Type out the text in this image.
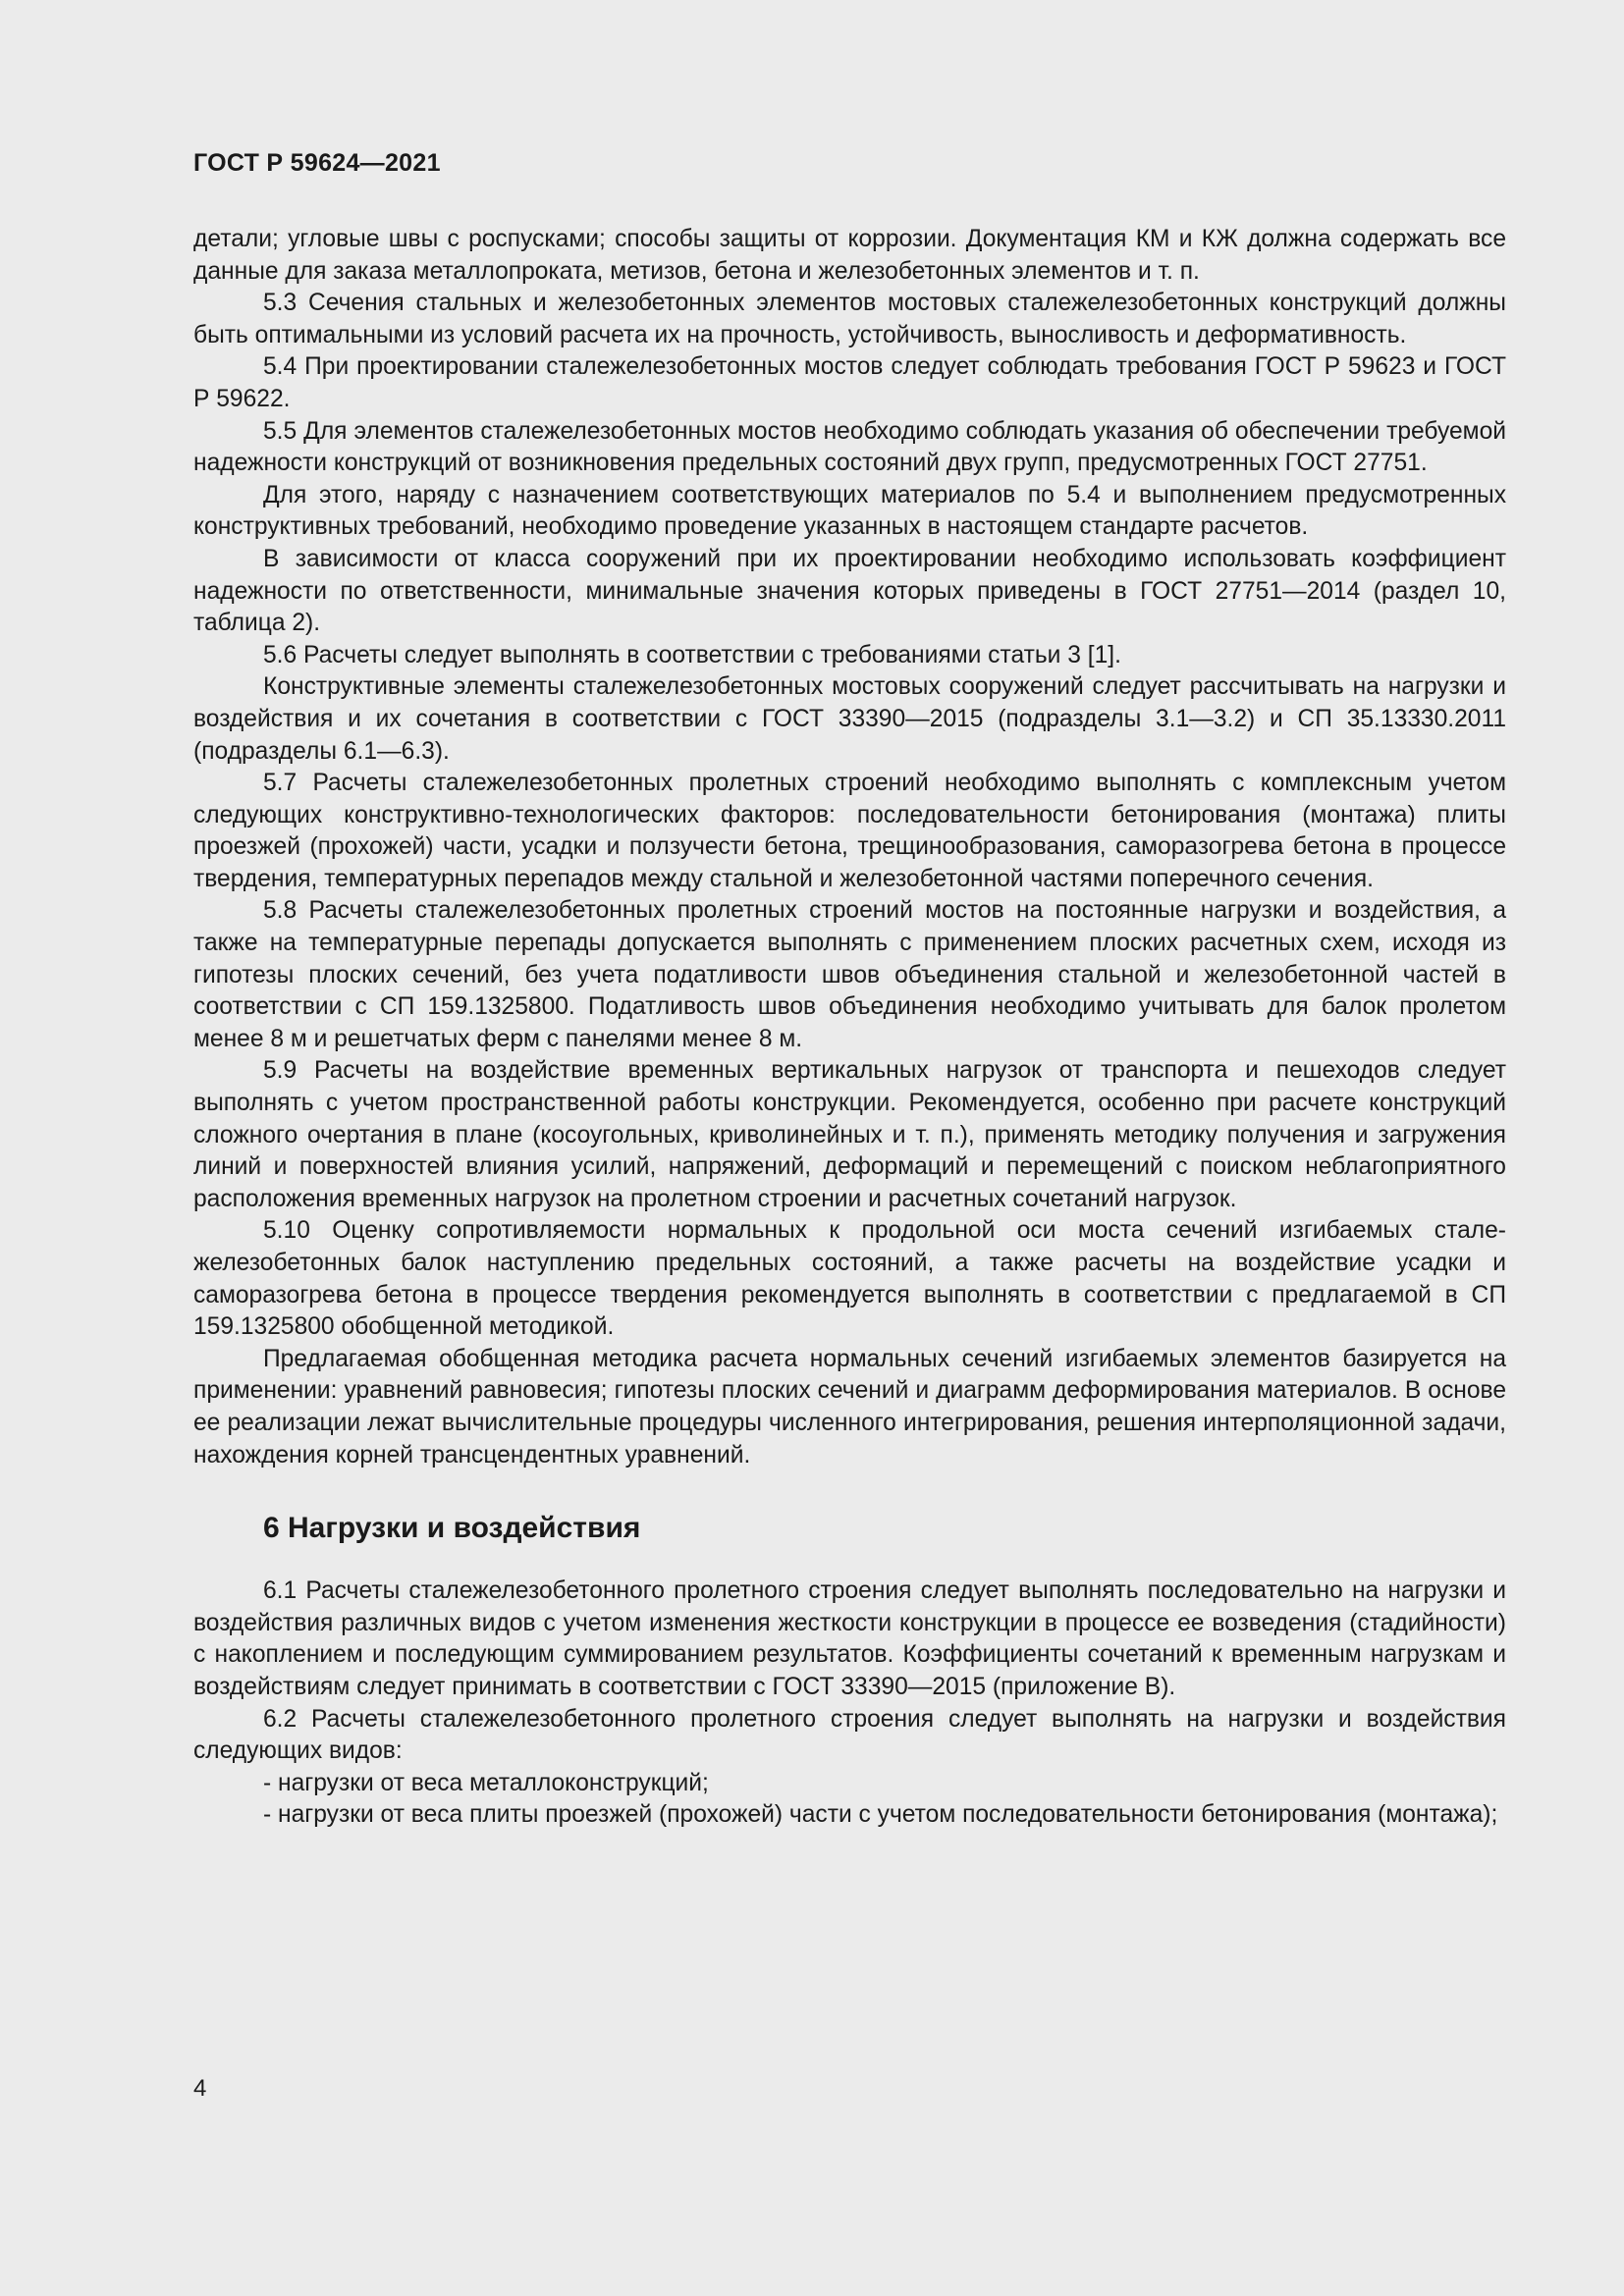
ГОСТ Р 59624—2021

детали; угловые швы с роспусками; способы защиты от коррозии. Документация КМ и КЖ должна содержать все данные для заказа металлопроката, метизов, бетона и железобетонных элементов и т. п.

5.3 Сечения стальных и железобетонных элементов мостовых сталежелезобетонных конструкций должны быть оптимальными из условий расчета их на прочность, устойчивость, выносливость и деформативность.

5.4 При проектировании сталежелезобетонных мостов следует соблюдать требования ГОСТ Р 59623 и ГОСТ Р 59622.

5.5 Для элементов сталежелезобетонных мостов необходимо соблюдать указания об обеспечении требуемой надежности конструкций от возникновения предельных состояний двух групп, предусмотренных ГОСТ 27751.

Для этого, наряду с назначением соответствующих материалов по 5.4 и выполнением предусмотренных конструктивных требований, необходимо проведение указанных в настоящем стандарте расчетов.

В зависимости от класса сооружений при их проектировании необходимо использовать коэффициент надежности по ответственности, минимальные значения которых приведены в ГОСТ 27751—2014 (раздел 10, таблица 2).

5.6 Расчеты следует выполнять в соответствии с требованиями статьи 3 [1].

Конструктивные элементы сталежелезобетонных мостовых сооружений следует рассчитывать на нагрузки и воздействия и их сочетания в соответствии с ГОСТ 33390—2015 (подразделы 3.1—3.2) и СП 35.13330.2011 (подразделы 6.1—6.3).

5.7 Расчеты сталежелезобетонных пролетных строений необходимо выполнять с комплексным учетом следующих конструктивно-технологических факторов: последовательности бетонирования (монтажа) плиты проезжей (прохожей) части, усадки и ползучести бетона, трещинообразования, саморазогрева бетона в процессе твердения, температурных перепадов между стальной и железобетонной частями поперечного сечения.

5.8 Расчеты сталежелезобетонных пролетных строений мостов на постоянные нагрузки и воздействия, а также на температурные перепады допускается выполнять с применением плоских расчетных схем, исходя из гипотезы плоских сечений, без учета податливости швов объединения стальной и железобетонной частей в соответствии с СП 159.1325800. Податливость швов объединения необходимо учитывать для балок пролетом менее 8 м и решетчатых ферм с панелями менее 8 м.

5.9 Расчеты на воздействие временных вертикальных нагрузок от транспорта и пешеходов следует выполнять с учетом пространственной работы конструкции. Рекомендуется, особенно при расчете конструкций сложного очертания в плане (косоугольных, криволинейных и т. п.), применять методику получения и загружения линий и поверхностей влияния усилий, напряжений, деформаций и перемещений с поиском неблагоприятного расположения временных нагрузок на пролетном строении и расчетных сочетаний нагрузок.

5.10 Оценку сопротивляемости нормальных к продольной оси моста сечений изгибаемых сталежелезобетонных балок наступлению предельных состояний, а также расчеты на воздействие усадки и саморазогрева бетона в процессе твердения рекомендуется выполнять в соответствии с предлагаемой в СП 159.1325800 обобщенной методикой.

Предлагаемая обобщенная методика расчета нормальных сечений изгибаемых элементов базируется на применении: уравнений равновесия; гипотезы плоских сечений и диаграмм деформирования материалов. В основе ее реализации лежат вычислительные процедуры численного интегрирования, решения интерполяционной задачи, нахождения корней трансцендентных уравнений.

6 Нагрузки и воздействия

6.1 Расчеты сталежелезобетонного пролетного строения следует выполнять последовательно на нагрузки и воздействия различных видов с учетом изменения жесткости конструкции в процессе ее возведения (стадийности) с накоплением и последующим суммированием результатов. Коэффициенты сочетаний к временным нагрузкам и воздействиям следует принимать в соответствии с ГОСТ 33390—2015 (приложение В).

6.2 Расчеты сталежелезобетонного пролетного строения следует выполнять на нагрузки и воздействия следующих видов:

- нагрузки от веса металлоконструкций;

- нагрузки от веса плиты проезжей (прохожей) части с учетом последовательности бетонирования (монтажа);

4
